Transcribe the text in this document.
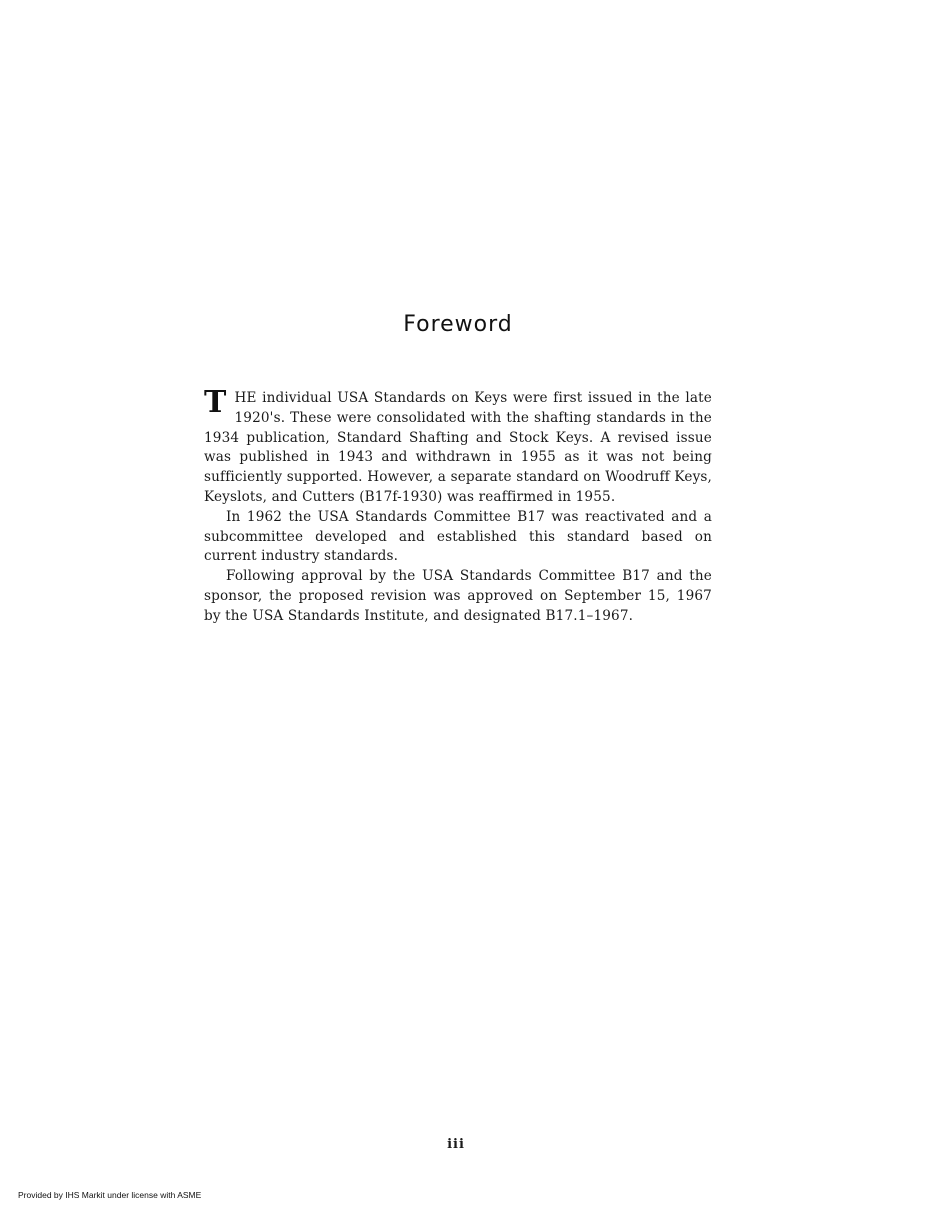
Foreword

THE individual USA Standards on Keys were first issued in the late 1920's. These were consolidated with the shafting standards in the 1934 publication, Standard Shafting and Stock Keys. A revised issue was published in 1943 and withdrawn in 1955 as it was not being sufficiently supported. However, a separate standard on Woodruff Keys, Keyslots, and Cutters (B17f-1930) was reaffirmed in 1955.

In 1962 the USA Standards Committee B17 was reactivated and a subcommittee developed and established this standard based on current industry standards.

Following approval by the USA Standards Committee B17 and the sponsor, the proposed revision was approved on September 15, 1967 by the USA Standards Institute, and designated B17.1–1967.

iii
Provided by IHS Markit under license with ASME
